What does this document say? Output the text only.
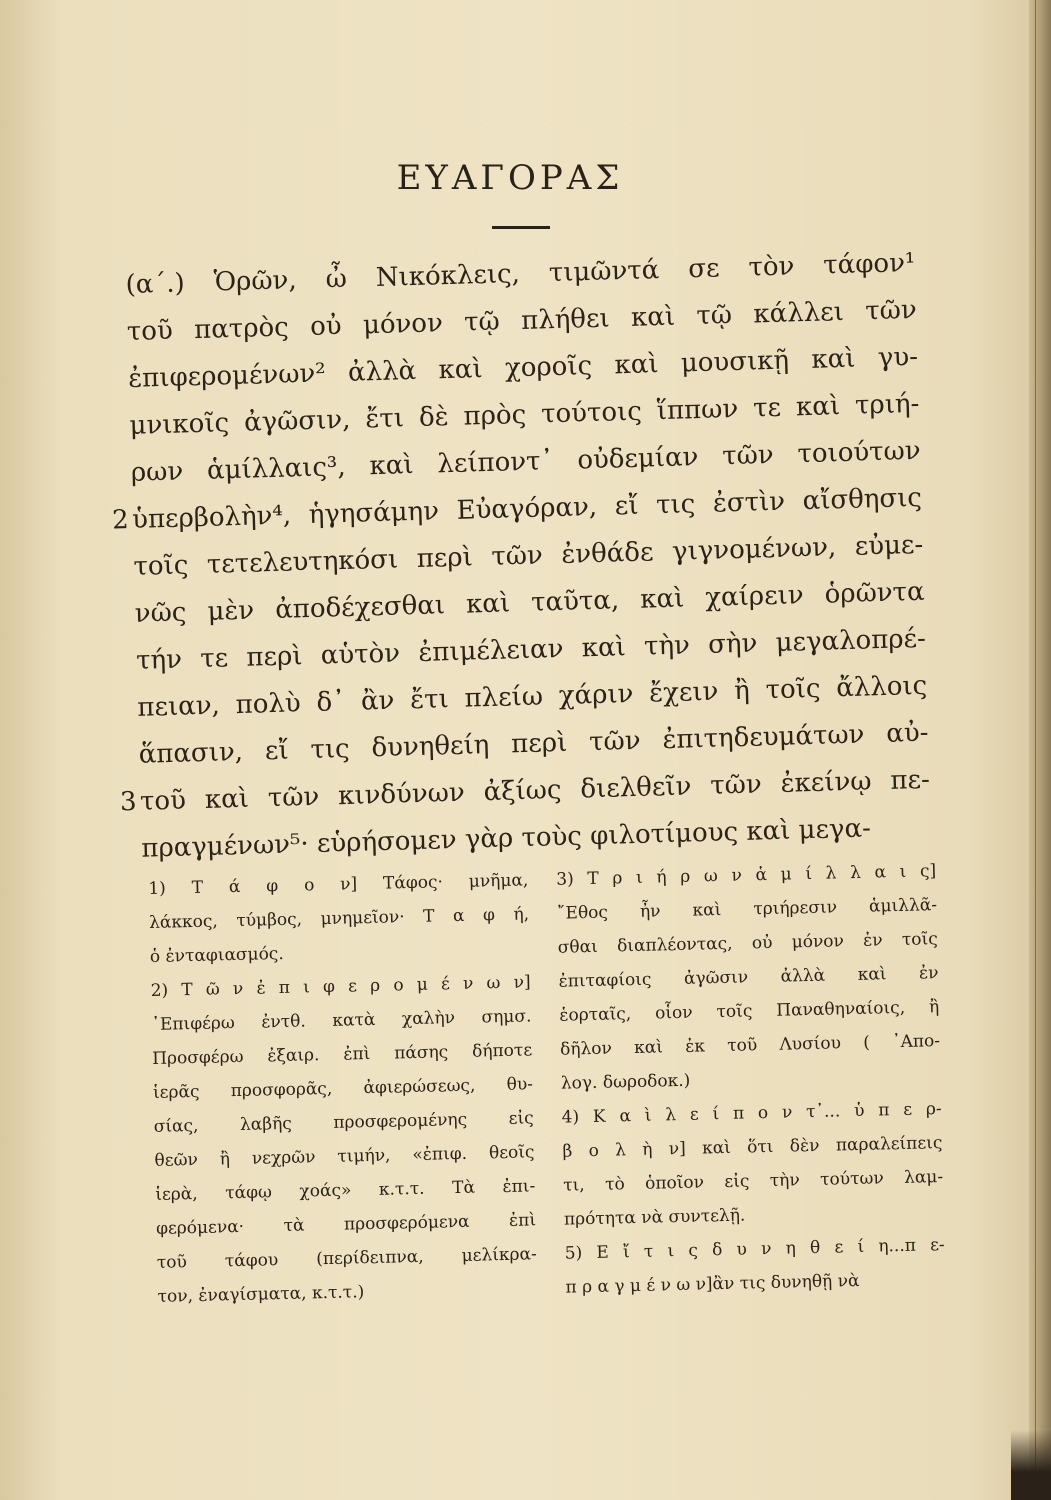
ΕΥΑΓΟΡΑΣ
(α΄.) Ὁρῶν, ὦ Νικόκλεις, τιμῶντά σε τὸν τάφον¹
τοῦ πατρὸς οὐ μόνον τῷ πλήθει καὶ τῷ κάλλει τῶν
ἐπιφερομένων² ἀλλὰ καὶ χοροῖς καὶ μουσικῇ καὶ γυ-
μνικοῖς ἀγῶσιν, ἔτι δὲ πρὸς τούτοις ἵππων τε καὶ τριή-
ρων ἁμίλλαις³, καὶ λείποντ᾿ οὐδεμίαν τῶν τοιούτων
2 ὑπερβολὴν⁴, ἡγησάμην Εὐαγόραν, εἴ τις ἐστὶν αἴσθησις
τοῖς τετελευτηκόσι περὶ τῶν ἐνθάδε γιγνομένων, εὐμε-
νῶς μὲν ἀποδέχεσθαι καὶ ταῦτα, καὶ χαίρειν ὁρῶντα
τήν τε περὶ αὑτὸν ἐπιμέλειαν καὶ τὴν σὴν μεγαλοπρέ-
πειαν, πολὺ δ᾿ ἂν ἔτι πλείω χάριν ἔχειν ἢ τοῖς ἄλλοις
ἅπασιν, εἴ τις δυνηθείη περὶ τῶν ἐπιτηδευμάτων αὐ-
3 τοῦ καὶ τῶν κινδύνων ἀξίως διελθεῖν τῶν ἐκείνῳ πε-
πραγμένων⁵· εὑρήσομεν γὰρ τοὺς φιλοτίμους καὶ μεγα-
1) Τ ά φ ο ν] Τάφος· μνῆμα,
λάκκος, τύμβος, μνημεῖον· Τ α φ ή,
ὁ ἐνταφιασμός.
2) Τ ῶ ν ἐ π ι φ ε ρ ο μ έ ν ω ν]
᾿Επιφέρω ἐντθ. κατὰ χαλὴν σημσ.
Προσφέρω ἐξαιρ. ἐπὶ πάσης δήποτε
ἱερᾶς προσφορᾶς, ἀφιερώσεως, θυ-
σίας, λαβῆς προσφερομένης εἰς
θεῶν ἢ νεχρῶν τιμήν, «ἐπιφ. θεοῖς
ἱερὰ, τάφῳ χοάς» κ.τ.τ. Τὰ ἐπι-
φερόμενα· τὰ προσφερόμενα ἐπὶ
τοῦ τάφου (περίδειπνα, μελίκρα-
τον, ἐναγίσματα, κ.τ.τ.)
3) Τ ρ ι ή ρ ω ν ἁ μ ί λ λ α ι ς]
῎Εθος ἦν καὶ τριήρεσιν ἁμιλλᾶ-
σθαι διαπλέοντας, οὐ μόνον ἐν τοῖς
ἐπιταφίοις ἀγῶσιν ἀλλὰ καὶ ἐν
ἑορταῖς, οἷον τοῖς Παναθηναίοις, ἢ
δῆλον καὶ ἐκ τοῦ Λυσίου ( ᾿Απο-
λογ. δωροδοκ.)
4) Κ α ὶ λ ε ί π ο ν τ᾿... ὑ π ε ρ-
β ο λ ὴ ν] καὶ ὅτι δὲν παραλείπεις
τι, τὸ ὁποῖον εἰς τὴν τούτων λαμ-
πρότητα νὰ συντελῇ.
5) Ε ἴ τ ι ς δ υ ν η θ ε ί η...π ε-
π ρ α γ μ έ ν ω ν]ἂν τις δυνηθῇ νὰ
